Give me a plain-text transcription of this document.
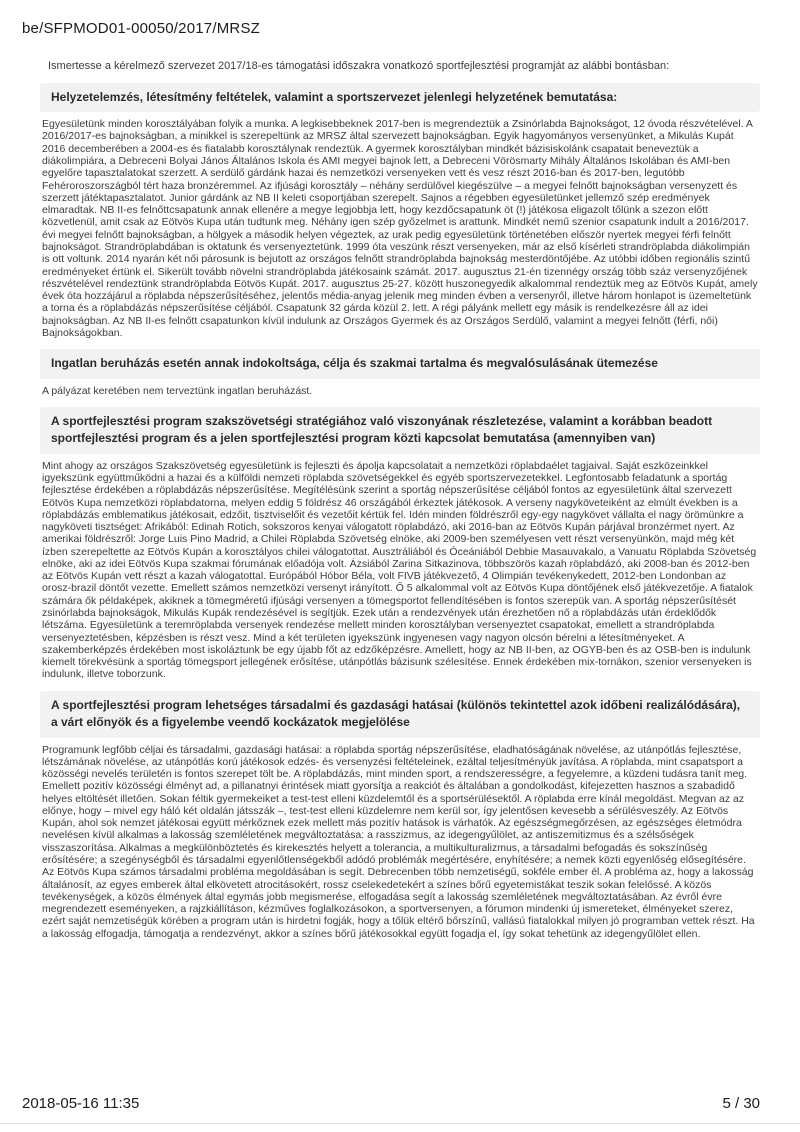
be/SFPMOD01-00050/2017/MRSZ

Ismertesse a kérelmező szervezet 2017/18-es támogatási időszakra vonatkozó sportfejlesztési programját az alábbi bontásban:

Helyzetelemzés, létesítmény feltételek, valamint a sportszervezet jelenlegi helyzetének bemutatása:

Egyesületünk minden korosztályában folyik a munka. A legkisebbeknek 2017-ben is megrendeztük a Zsinórlabda Bajnokságot, 12 óvoda részvételével. A 2016/2017-es bajnokságban, a minikkel is szerepeltünk az MRSZ által szervezett bajnokságban. Egyik hagyományos versenyünket, a Mikulás Kupát 2016 decemberében a 2004-es és fiatalabb korosztálynak rendeztük. A gyermek korosztályban mindkét bázisiskolánk csapatait beneveztük a diákolimpiára, a Debreceni Bolyai János Általános Iskola és AMI megyei bajnok lett, a Debreceni Vörösmarty Mihály Általános Iskolában és AMI-ben egyelőre tapasztalatokat szerzett. A serdülő gárdánk hazai és nemzetközi versenyeken vett és vesz részt 2016-ban és 2017-ben, legutóbb Fehéroroszországból tért haza bronzéremmel. Az ifjúsági korosztály – néhány serdülővel kiegészülve – a megyei felnőtt bajnokságban versenyzett és szerzett játéktapasztalatot. Junior gárdánk az NB II keleti csoportjában szerepelt. Sajnos a régebben egyesületünket jellemző szép eredmények elmaradtak. NB II-es felnőttcsapatunk annak ellenére a megye legjobbja lett, hogy kezdőcsapatunk öt (!) játékosa eligazolt tőlünk a szezon előtt közvetlenül, amit csak az Eötvös Kupa után tudtunk meg. Néhány igen szép győzelmet is arattunk. Mindkét nemű szenior csapatunk indult a 2016/2017. évi megyei felnőtt bajnokságban, a hölgyek a második helyen végeztek, az urak pedig egyesületünk történetében először nyertek megyei férfi felnőtt bajnokságot. Strandröplabdában is oktatunk és versenyeztetünk. 1999 óta veszünk részt versenyeken, már az első kísérleti strandröplabda diákolimpián is ott voltunk. 2014 nyarán két női párosunk is bejutott az országos felnőtt strandröplabda bajnokság mesterdöntőjébe. Az utóbbi időben regionális szintű eredményeket értünk el. Sikerült tovább növelni strandröplabda játékosaink számát. 2017. augusztus 21-én tizennégy ország több száz versenyzőjének részvételével rendeztünk strandröplabda Eötvös Kupát. 2017. augusztus 25-27. között huszonegyedik alkalommal rendeztük meg az Eötvös Kupát, amely évek óta hozzájárul a röplabda népszerűsítéséhez, jelentős média-anyag jelenik meg minden évben a versenyről, illetve három honlapot is üzemeltetünk a torna és a röplabdázás népszerűsítése céljából. Csapatunk 32 gárda közül 2. lett. A régi pályánk mellett egy másik is rendelkezésre áll az idei bajnokságban. Az NB II-es felnőtt csapatunkon kívül indulunk az Országos Gyermek és az Országos Serdülő, valamint a megyei felnőtt (férfi, női) Bajnokságokban.

Ingatlan beruházás esetén annak indokoltsága, célja és szakmai tartalma és megvalósulásának ütemezése

A pályázat keretében nem terveztünk ingatlan beruházást.

A sportfejlesztési program szakszövetségi stratégiához való viszonyának részletezése, valamint a korábban beadott sportfejlesztési program és a jelen sportfejlesztési program közti kapcsolat bemutatása (amennyiben van)

Mint ahogy az országos Szakszövetség egyesületünk is fejleszti és ápolja kapcsolatait a nemzetközi röplabdaélet tagjaival. Saját eszközeinkkel igyekszünk együttműködni a hazai és a külföldi nemzeti röplabda szövetségekkel és egyéb sportszervezetekkel. Legfontosabb feladatunk a sportág fejlesztése érdekében a röplabdázás népszerűsítése. Megítélésünk szerint a sportág népszerűsítése céljából fontos az egyesületünk által szervezett Eötvös Kupa nemzetközi röplabdatorna, melyen eddig 5 földrész 46 országából érkeztek játékosok. A verseny nagyköveteiként az elmúlt években is a röplabdázás emblematikus játékosait, edzőit, tisztviselőit és vezetőit kértük fel. Idén minden földrészről egy-egy nagykövet vállalta el nagy örömünkre a nagyköveti tisztséget: Afrikából: Edinah Rotich, sokszoros kenyai válogatott röplabdázó, aki 2016-ban az Eötvös Kupán párjával bronzérmet nyert. Az amerikai földrészről: Jorge Luis Pino Madrid, a Chilei Röplabda Szövetség elnöke, aki 2009-ben személyesen vett részt versenyünkön, majd még két ízben szerepeltette az Eötvös Kupán a korosztályos chilei válogatottat. Ausztráliából és Óceániából Debbie Masauvakalo, a Vanuatu Röplabda Szövetség elnöke, aki az idei Eötvös Kupa szakmai fórumának előadója volt. Ázsiából Zarina Sitkazinova, többszörös kazah röplabdázó, aki 2008-ban és 2012-ben az Eötvös Kupán vett részt a kazah válogatottal. Európából Hóbor Béla, volt FIVB játékvezető, 4 Olimpián tevékenykedett, 2012-ben Londonban az orosz-brazil döntőt vezette. Emellett számos nemzetközi versenyt irányított. Ő 5 alkalommal volt az Eötvös Kupa döntőjének első játékvezetője. A fiatalok számára ők példaképek, akiknek a tömegméretű ifjúsági versenyen a tömegsportot fellendítésében is fontos szerepük van. A sportág népszerűsítését zsinórlabda bajnokságok, Mikulás Kupák rendezésével is segítjük. Ezek után a rendezvények után érezhetően nő a röplabdázás után érdeklődők létszáma. Egyesületünk a teremröplabda versenyek rendezése mellett minden korosztályban versenyeztet csapatokat, emellett a strandröplabda versenyeztetésben, képzésben is részt vesz. Mind a két területen igyekszünk ingyenesen vagy nagyon olcsón bérelni a létesítményeket. A szakemberképzés érdekében most iskoláztunk be egy újabb főt az edzőképzésre. Amellett, hogy az NB II-ben, az OGYB-ben és az OSB-ben is indulunk kiemelt törekvésünk a sportág tömegsport jellegének erősítése, utánpótlás bázisunk szélesítése. Ennek érdekében mix-tornákon, szenior versenyeken is indulunk, illetve toborzunk.

A sportfejlesztési program lehetséges társadalmi és gazdasági hatásai (különös tekintettel azok időbeni realizálódására), a várt előnyök és a figyelembe veendő kockázatok megjelölése

Programunk legfőbb céljai és társadalmi, gazdasági hatásai: a röplabda sportág népszerűsítése, eladhatóságának növelése, az utánpótlás fejlesztése, létszámának növelése, az utánpótlás korú játékosok edzés- és versenyzési feltételeinek, ezáltal teljesítményük javítása. A röplabda, mint csapatsport a közösségi nevelés területén is fontos szerepet tölt be. A röplabdázás, mint minden sport, a rendszerességre, a fegyelemre, a küzdeni tudásra tanít meg. Emellett pozitív közösségi élményt ad, a pillanatnyi érintések miatt gyorsítja a reakciót és általában a gondolkodást, kifejezetten hasznos a szabadidő helyes eltöltését illetően. Sokan féltik gyermekeiket a test-test elleni küzdelemtől és a sportsérülésektől. A röplabda erre kínál megoldást. Megvan az az előnye, hogy – mivel egy háló két oldalán játsszák –, test-test elleni küzdelemre nem kerül sor, így jelentősen kevesebb a sérülésveszély. Az Eötvös Kupán, ahol sok nemzet játékosai együtt mérkőznek ezek mellett más pozitív hatások is várhatók. Az egészségmegőrzésen, az egészséges életmódra nevelésen kívül alkalmas a lakosság szemléletének megváltoztatása: a rasszizmus, az idegengyűlölet, az antiszemitizmus és a szélsőségek visszaszorítása. Alkalmas a megkülönböztetés és kirekesztés helyett a tolerancia, a multikulturalizmus, a társadalmi befogadás és sokszínűség erősítésére; a szegénységből és társadalmi egyenlőtlenségekből adódó problémák megértésére, enyhítésére; a nemek közti egyenlőség elősegítésére. Az Eötvös Kupa számos társadalmi probléma megoldásában is segít. Debrecenben több nemzetiségű, sokféle ember él. A probléma az, hogy a lakosság általánosít, az egyes emberek által elkövetett atrocitásokért, rossz cselekedetekért a színes bőrű egyetemistákat teszik sokan felelőssé. A közös tevékenységek, a közös élmények által egymás jobb megismerése, elfogadása segít a lakosság szemléletének megváltoztatásában. Az évről évre megrendezett eseményeken, a rajzkiállításon, kézműves foglalkozásokon, a sportversenyen, a fórumon mindenki új ismereteket, élményeket szerez, ezért saját nemzetiségük körében a program után is hirdetni fogják, hogy a tőlük eltérő bőrszínű, vallású fiatalokkal milyen jó programban vettek részt. Ha a lakosság elfogadja, támogatja a rendezvényt, akkor a színes bőrű játékosokkal együtt fogadja el, így sokat tehetünk az idegengyűlölet ellen.

2018-05-16 11:35	5 / 30
